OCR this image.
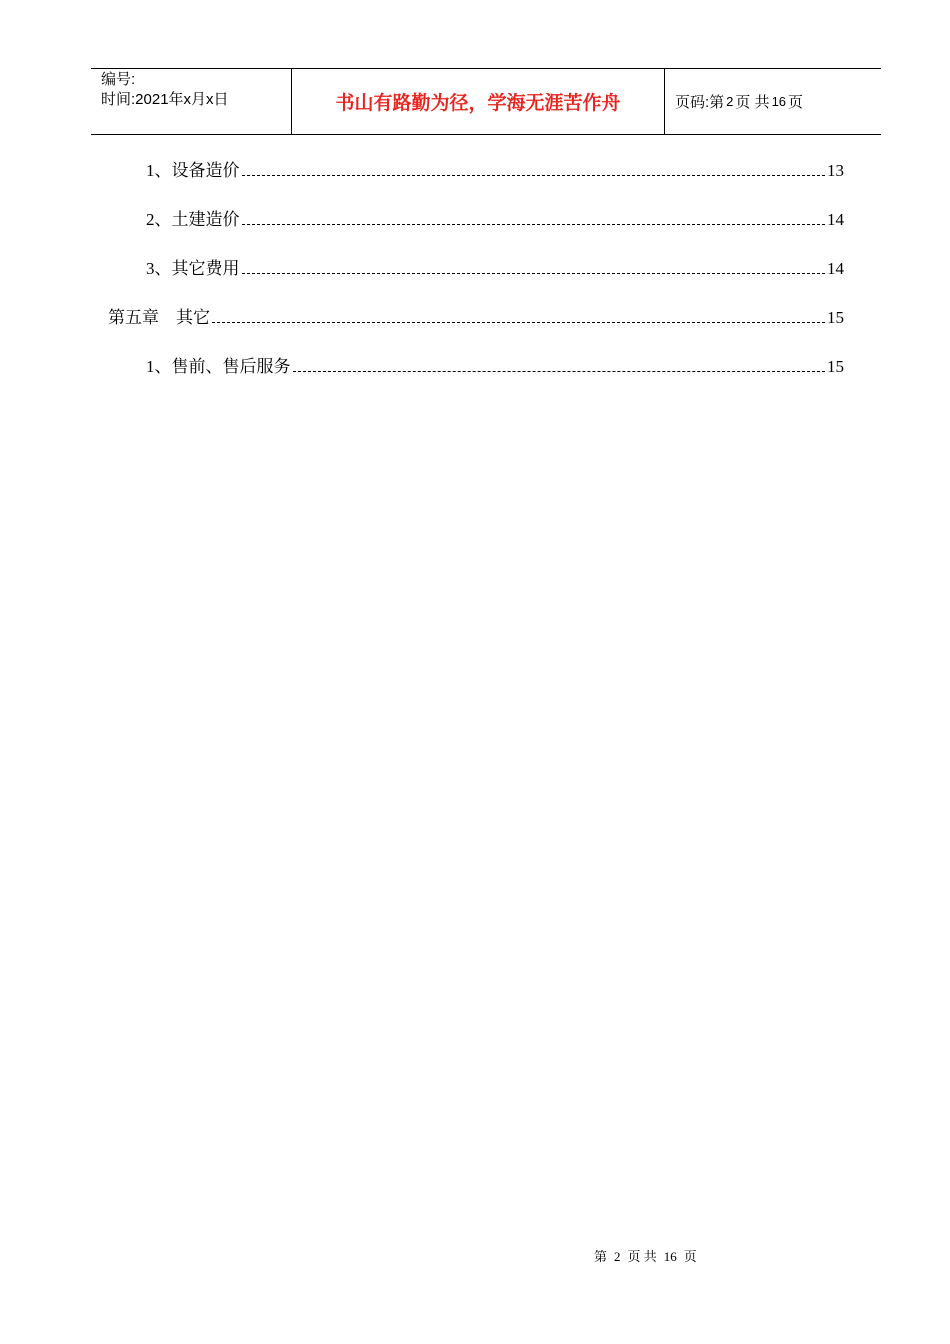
编号:
时间:2021年x月x日	书山有路勤为径，学海无涯苦作舟	页码:第 2 页 共 16 页
1、设备造价	13
2、土建造价	14
3、其它费用	14
第五章    其它	15
1、售前、售后服务	15
第 2 页 共 16 页
